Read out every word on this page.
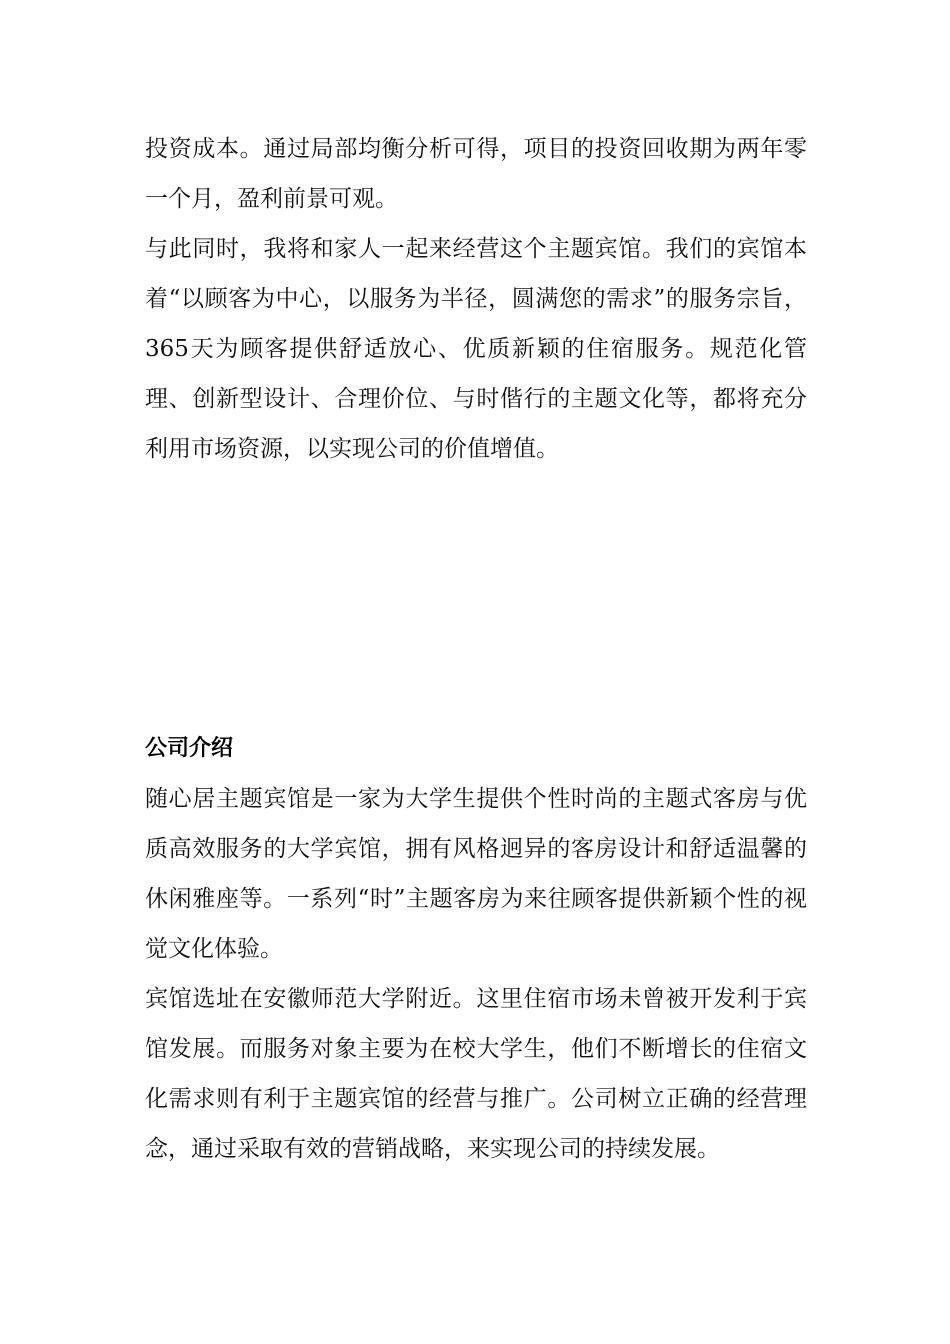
投资成本。通过局部均衡分析可得，项目的投资回收期为两年零一个月，盈利前景可观。

与此同时，我将和家人一起来经营这个主题宾馆。我们的宾馆本着“以顾客为中心，以服务为半径，圆满您的需求”的服务宗旨，365天为顾客提供舒适放心、优质新颖的住宿服务。规范化管理、创新型设计、合理价位、与时偕行的主题文化等，都将充分利用市场资源，以实现公司的价值增值。

公司介绍

随心居主题宾馆是一家为大学生提供个性时尚的主题式客房与优质高效服务的大学宾馆，拥有风格迥异的客房设计和舒适温馨的休闲雅座等。一系列“时”主题客房为来往顾客提供新颖个性的视觉文化体验。

宾馆选址在安徽师范大学附近。这里住宿市场未曾被开发利于宾馆发展。而服务对象主要为在校大学生，他们不断增长的住宿文化需求则有利于主题宾馆的经营与推广。公司树立正确的经营理念，通过采取有效的营销战略，来实现公司的持续发展。
